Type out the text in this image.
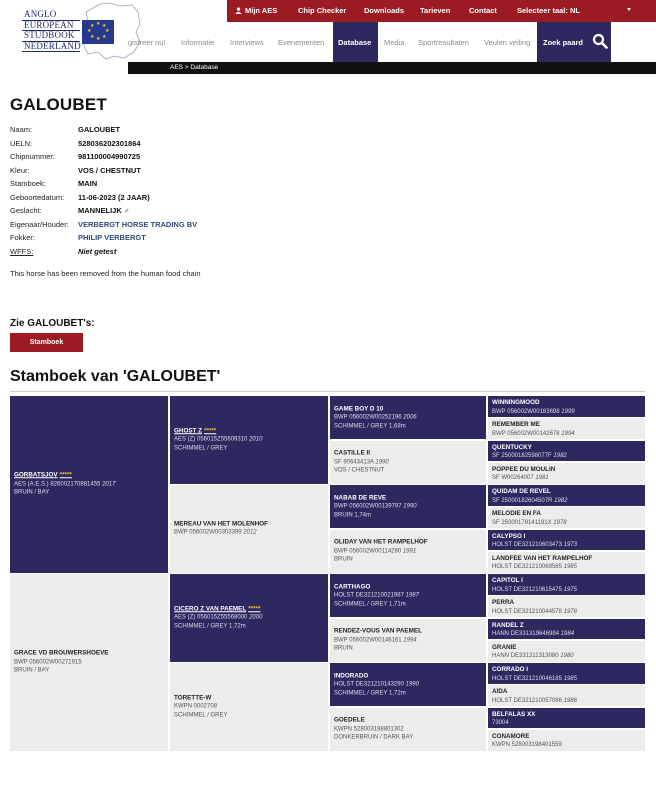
ANGLO
EUROPEAN
STUDBOOK
NEDERLAND
★ ★
★
★
★
★
★
★
Mijn AES	Chip Checker Downloads Tarieven Contact	Selecteer taal: NL
gistreer nu! Informatie Interviews Evenementen Database Media Sportresultaten Veulen veiling Zoek paard
AES > Database
GALOUBET
Naam:	GALOUBET
UELN:	528036202301864
Chipnummer:	981100004990725
Kleur:	VOS / CHESTNUT
Stamboek:	MAIN
Geboortedatum: 11-06-2023 (2 JAAR)
Geslacht:	MANNELIJK ♂
Eigenaar/Houder: VERBERGT HORSE TRADING BV
Fokker:	PHILIP VERBERGT
WFFS:	Niet getest
This horse has been removed from the human food chain
Zie GALOUBET's:
Stamboek
Stamboek van 'GALOUBET'
GORBATSJOV *****
AES (A.E.S.) 826002170881455 2017
BRUIN / BAY
GRACE VD BROUWERSHOEVE
BWP 056002W00271915
BRUIN / BAY
GHOST Z *****
AES (Z) 056015Z55609310 2010
SCHIMMEL / GREY
MEREAU VAN HET MOLENHOF
BWP 056002W00303399 2012
CICERO Z VAN PAEMEL *****
AES (Z) 056015Z55568000 2000
SCHIMMEL / GREY 1,72m
TORETTE-W
KWPN 0002708
SCHIMMEL / GREY
GAME BOY D 10
BWP 056002W00252196 2006
SCHIMMEL / GREY 1,68m
CASTILLE II
SF 90643413A 1990
VOS / CHESTNUT
NABAB DE REVE
BWP 056002W00139797 1990
BRUIN 1,74m
OLIDAY VAN HET RAMPELHOF
BWP 056002W00114280 1991
BRUIN
CARTHAGO
HOLST DE321210021987 1987
SCHIMMEL / GREY 1,71m
RENDEZ-VOUS VAN PAEMEL
BWP 056002W00146161 1994
BRUIN
INDORADO
HOLST DE321210143290 1990
SCHIMMEL / GREY 1,72m
GOEDELE
KWPN 528003198801302
DONKERBRUIN / DARK BAY
WINNINGMOOD
BWP 056002W00183698 1999
REMEMBER ME
BWP 056002W00142678 1994
QUENTUCKY
SF 25000182598077F 1982
POPPEE DU MOULIN
SF W00264007 1981
QUIDAM DE REVEL
SF 25000182604507R 1982
MELODIE EN FA
SF 25000178141191X 1978
CALYPSO I
HOLST DE321210603473 1973
LANDFEE VAN HET RAMPELHOF
HOLST DE321210069585 1985
CAPITOL I
HOLST DE321210615475 1975
PERRA
HOLST DE321210044578 1978
RANDEL Z
HANN DE331319646984 1984
GRANIE
HANN DE331311313080 1980
CORRADO I
HOLST DE321210046185 1985
AIDA
HOLST DE321210057086 1986
BELFALAS XX
73004
CONAMORE
KWPN 528003198401559
